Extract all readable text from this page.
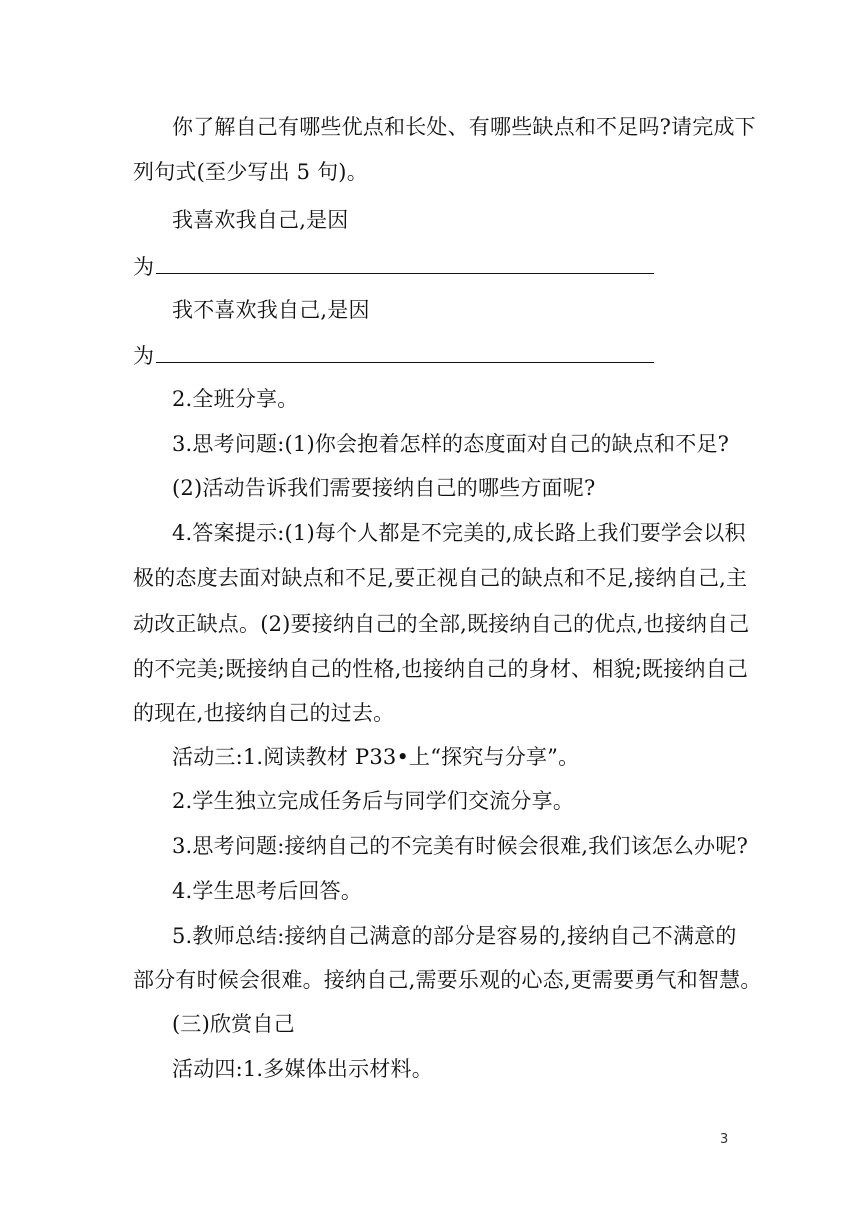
你了解自己有哪些优点和长处、有哪些缺点和不足吗?请完成下
列句式(至少写出 5 句)。
我喜欢我自己,是因
为
我不喜欢我自己,是因
为
2.全班分享。
3.思考问题:(1)你会抱着怎样的态度面对自己的缺点和不足?
(2)活动告诉我们需要接纳自己的哪些方面呢?
4.答案提示:(1)每个人都是不完美的,成长路上我们要学会以积
极的态度去面对缺点和不足,要正视自己的缺点和不足,接纳自己,主
动改正缺点。(2)要接纳自己的全部,既接纳自己的优点,也接纳自己
的不完美;既接纳自己的性格,也接纳自己的身材、相貌;既接纳自己
的现在,也接纳自己的过去。
活动三:1.阅读教材 P33•上“探究与分享”。
2.学生独立完成任务后与同学们交流分享。
3.思考问题:接纳自己的不完美有时候会很难,我们该怎么办呢?
4.学生思考后回答。
5.教师总结:接纳自己满意的部分是容易的,接纳自己不满意的
部分有时候会很难。接纳自己,需要乐观的心态,更需要勇气和智慧。
(三)欣赏自己
活动四:1.多媒体出示材料。
3
